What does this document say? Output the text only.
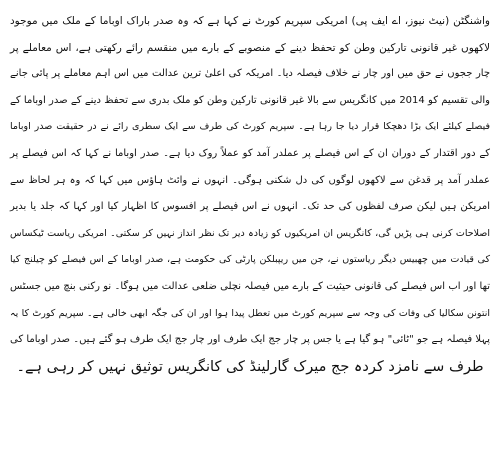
واشنگٹن (نیٹ نیوز، اے ایف پی) امریکی سپریم کورٹ نے کہا ہے کہ وہ صدر باراک اوباما کے ملک میں موجود
لاکھوں غیر قانونی تارکین وطن کو تحفظ دینے کے منصوبے کے بارے میں منقسم رائے رکھتی ہے، اس معاملے پر
چار ججوں نے حق میں اور چار نے خلاف فیصلہ دیا۔ امریکہ کی اعلیٰ ترین عدالت میں اس اہم معاملے پر پائی جانے
والی تقسیم کو 2014 میں کانگریس سے بالا غیر قانونی تارکین وطن کو ملک بدری سے تحفظ دینے کے صدر اوباما کے
فیصلے کیلئے ایک بڑا دھچکا قرار دیا جا رہا ہے۔ سپریم کورٹ کی طرف سے ایک سطری رائے نے در حقیقت صدر اوباما
کے دور اقتدار کے دوران ان کے اس فیصلے پر عملدر آمد کو عملاً روک دیا ہے۔ صدر اوباما نے کہا کہ اس فیصلے پر
عملدر آمد پر قدغن سے لاکھوں لوگوں کی دل شکنی ہوگی۔ انہوں نے وائٹ ہاؤس میں کہا کہ وہ ہر لحاظ سے
امریکن ہیں لیکن صرف لفظوں کی حد تک۔ انہوں نے اس فیصلے پر افسوس کا اظہار کیا اور کہا کہ جلد یا بدیر
اصلاحات کرنی ہی پڑیں گی، کانگریس ان امریکیوں کو زیادہ دیر تک نظر انداز نہیں کر سکتی۔ امریکی ریاست ٹیکساس
کی قیادت میں چھبیس دیگر ریاستوں نے، جن میں ریپبلکن پارٹی کی حکومت ہے، صدر اوباما کے اس فیصلے کو چیلنج کیا
تھا اور اب اس فیصلے کی قانونی حیثیت کے بارے میں فیصلہ نچلی ضلعی عدالت میں ہوگا۔ نو رکنی بنچ میں جسٹس
انتونن سکالیا کی وفات کی وجہ سے سپریم کورٹ میں تعطل پیدا ہوا اور ان کی جگہ ابھی خالی ہے۔ سپریم کورٹ کا یہ
پہلا فیصلہ ہے جو "ٹائی" ہو گیا ہے یا جس پر چار جج ایک طرف اور چار جج ایک طرف ہو گئے ہیں۔ صدر اوباما کی
طرف سے نامزد کردہ جج میرک گارلینڈ کی کانگریس توثیق نہیں کر رہی ہے۔
